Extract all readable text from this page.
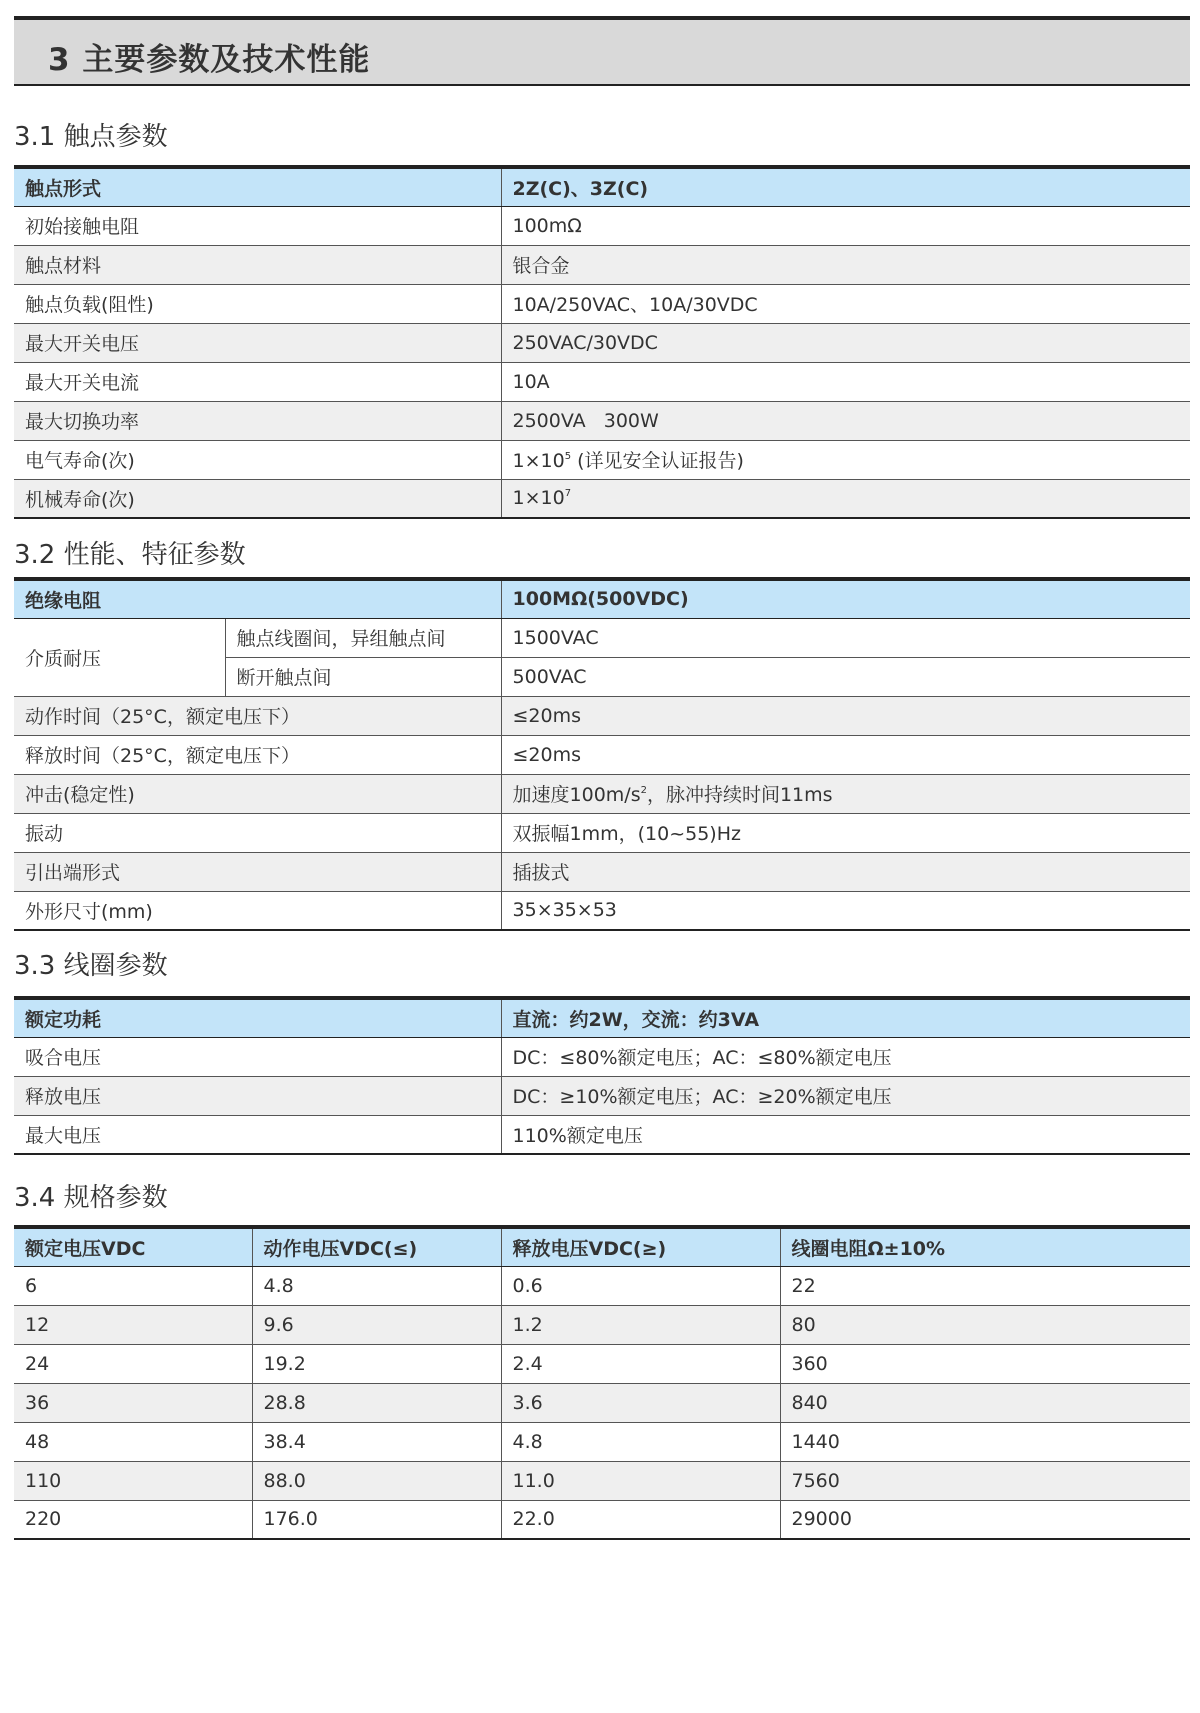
3 主要参数及技术性能
3.1 触点参数
触点形式	2Z(C)、3Z(C)
初始接触电阻	100mΩ
触点材料	银合金
触点负载(阻性)	10A/250VAC、10A/30VDC
最大开关电压	250VAC/30VDC
最大开关电流	10A
最大切换功率	2500VA   300W
电气寿命(次)	$1\times 10^5$ (详见安全认证报告)
机械寿命(次)	$1\times 10^7$
3.2 性能、特征参数
绝缘电阻		100MΩ(500VDC)
介质耐压	触点线圈间，异组触点间	1500VAC
	断开触点间	500VAC
动作时间（25°C，额定电压下）		≤20ms
释放时间（25°C，额定电压下）		≤20ms
冲击(稳定性)		加速度$100m/s^2$，脉冲持续时间11ms
振动		双振幅1mm，(10~55)Hz
引出端形式		插拔式
外形尺寸(mm)		35×35×53
3.3 线圈参数
额定功耗	直流：约2W，交流：约3VA
吸合电压	DC：≤80%额定电压；AC：≤80%额定电压
释放电压	DC：≥10%额定电压；AC：≥20%额定电压
最大电压	110%额定电压
3.4 规格参数
额定电压VDC	动作电压VDC(≤)	释放电压VDC(≥)	线圈电阻Ω±10%
6	4.8	0.6	22
12	9.6	1.2	80
24	19.2	2.4	360
36	28.8	3.6	840
48	38.4	4.8	1440
110	88.0	11.0	7560
220	176.0	22.0	29000
